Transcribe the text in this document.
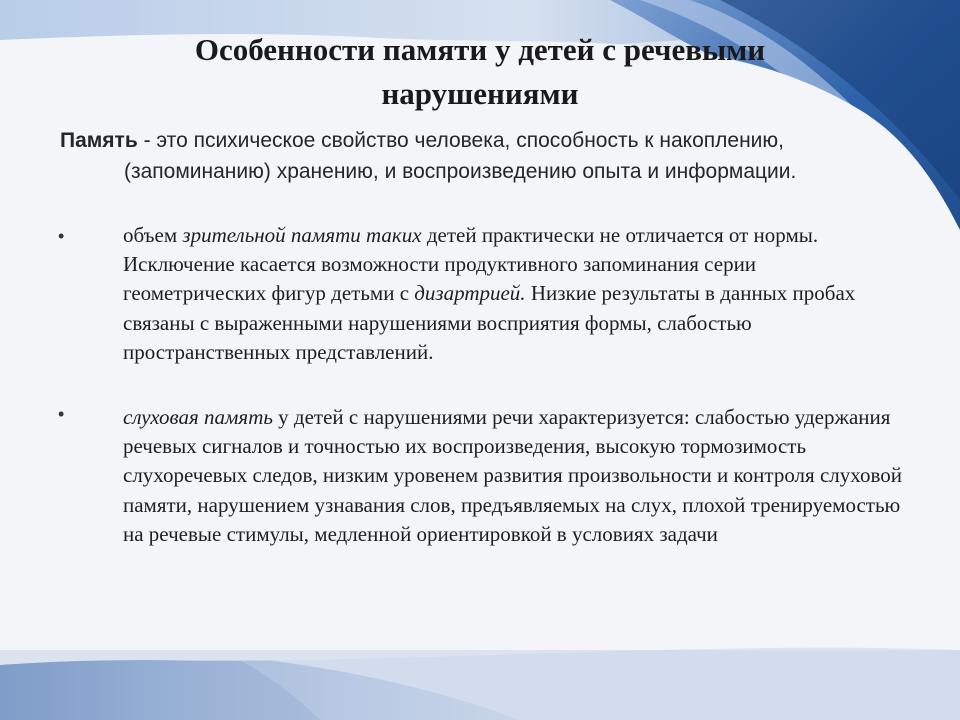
Особенности памяти у детей с речевыми
нарушениями
Память - это психическое свойство человека, способность к накоплению,
(запоминанию) хранению, и воспроизведению опыта и информации.
•	объем зрительной памяти таких детей практически не отличается от нормы. Исключение касается возможности продуктивного запоминания серии геометрических фигур детьми с дизартрией. Низкие результаты в данных пробах связаны с выраженными нарушениями восприятия формы, слабостью пространственных представлений.
•	слуховая память у детей с нарушениями речи характеризуется: слабостью удержания речевых сигналов и точностью их воспроизведения, высокую тормозимость слухоречевых следов, низким уровенем развития произвольности и контроля слуховой памяти, нарушением узнавания слов, предъявляемых на слух, плохой тренируемостью на речевые стимулы, медленной ориентировкой в условиях задачи
